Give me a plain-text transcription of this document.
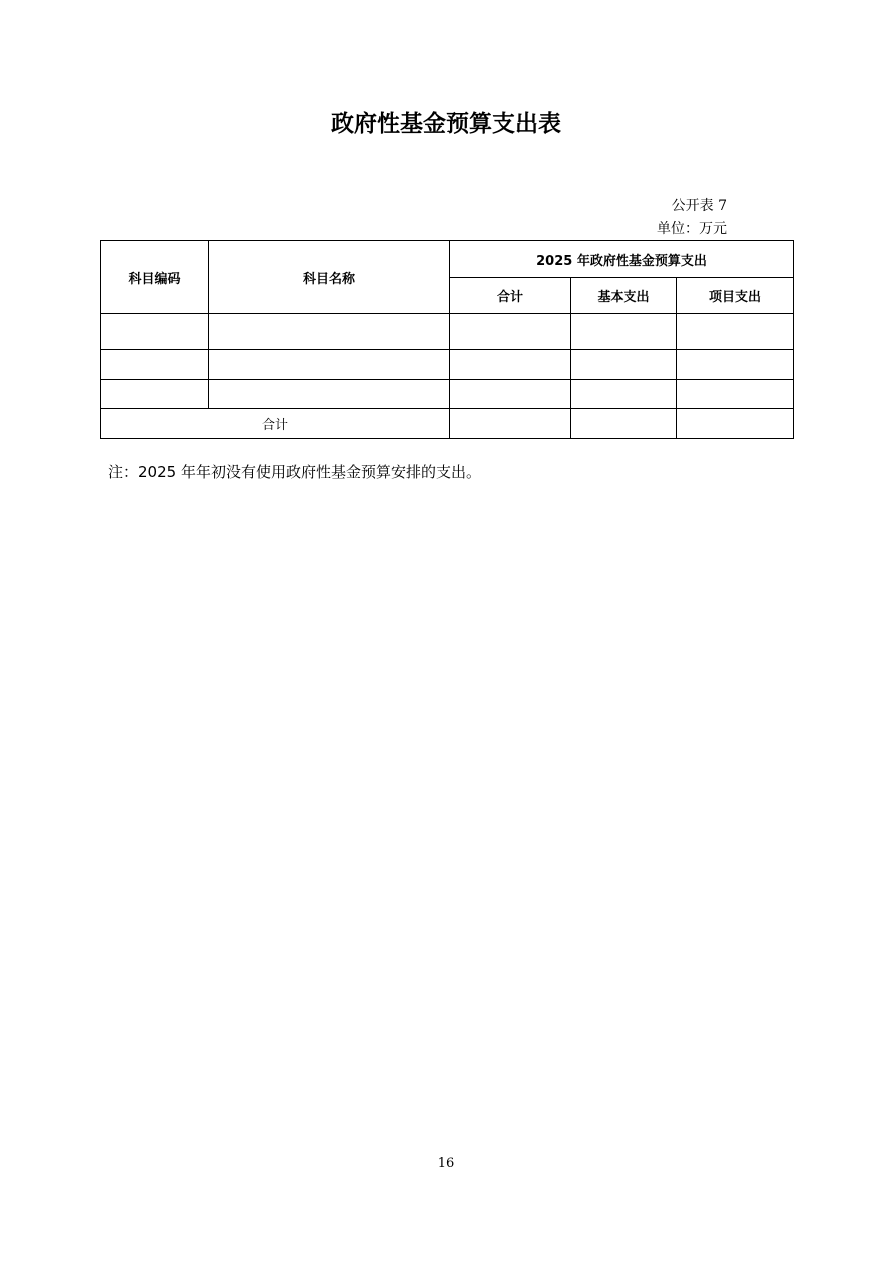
政府性基金预算支出表
公开表 7
单位：万元
科目编码	科目名称	2025 年政府性基金预算支出		
		合计	基本支出	项目支出

合计				
注：2025 年年初没有使用政府性基金预算安排的支出。
16
